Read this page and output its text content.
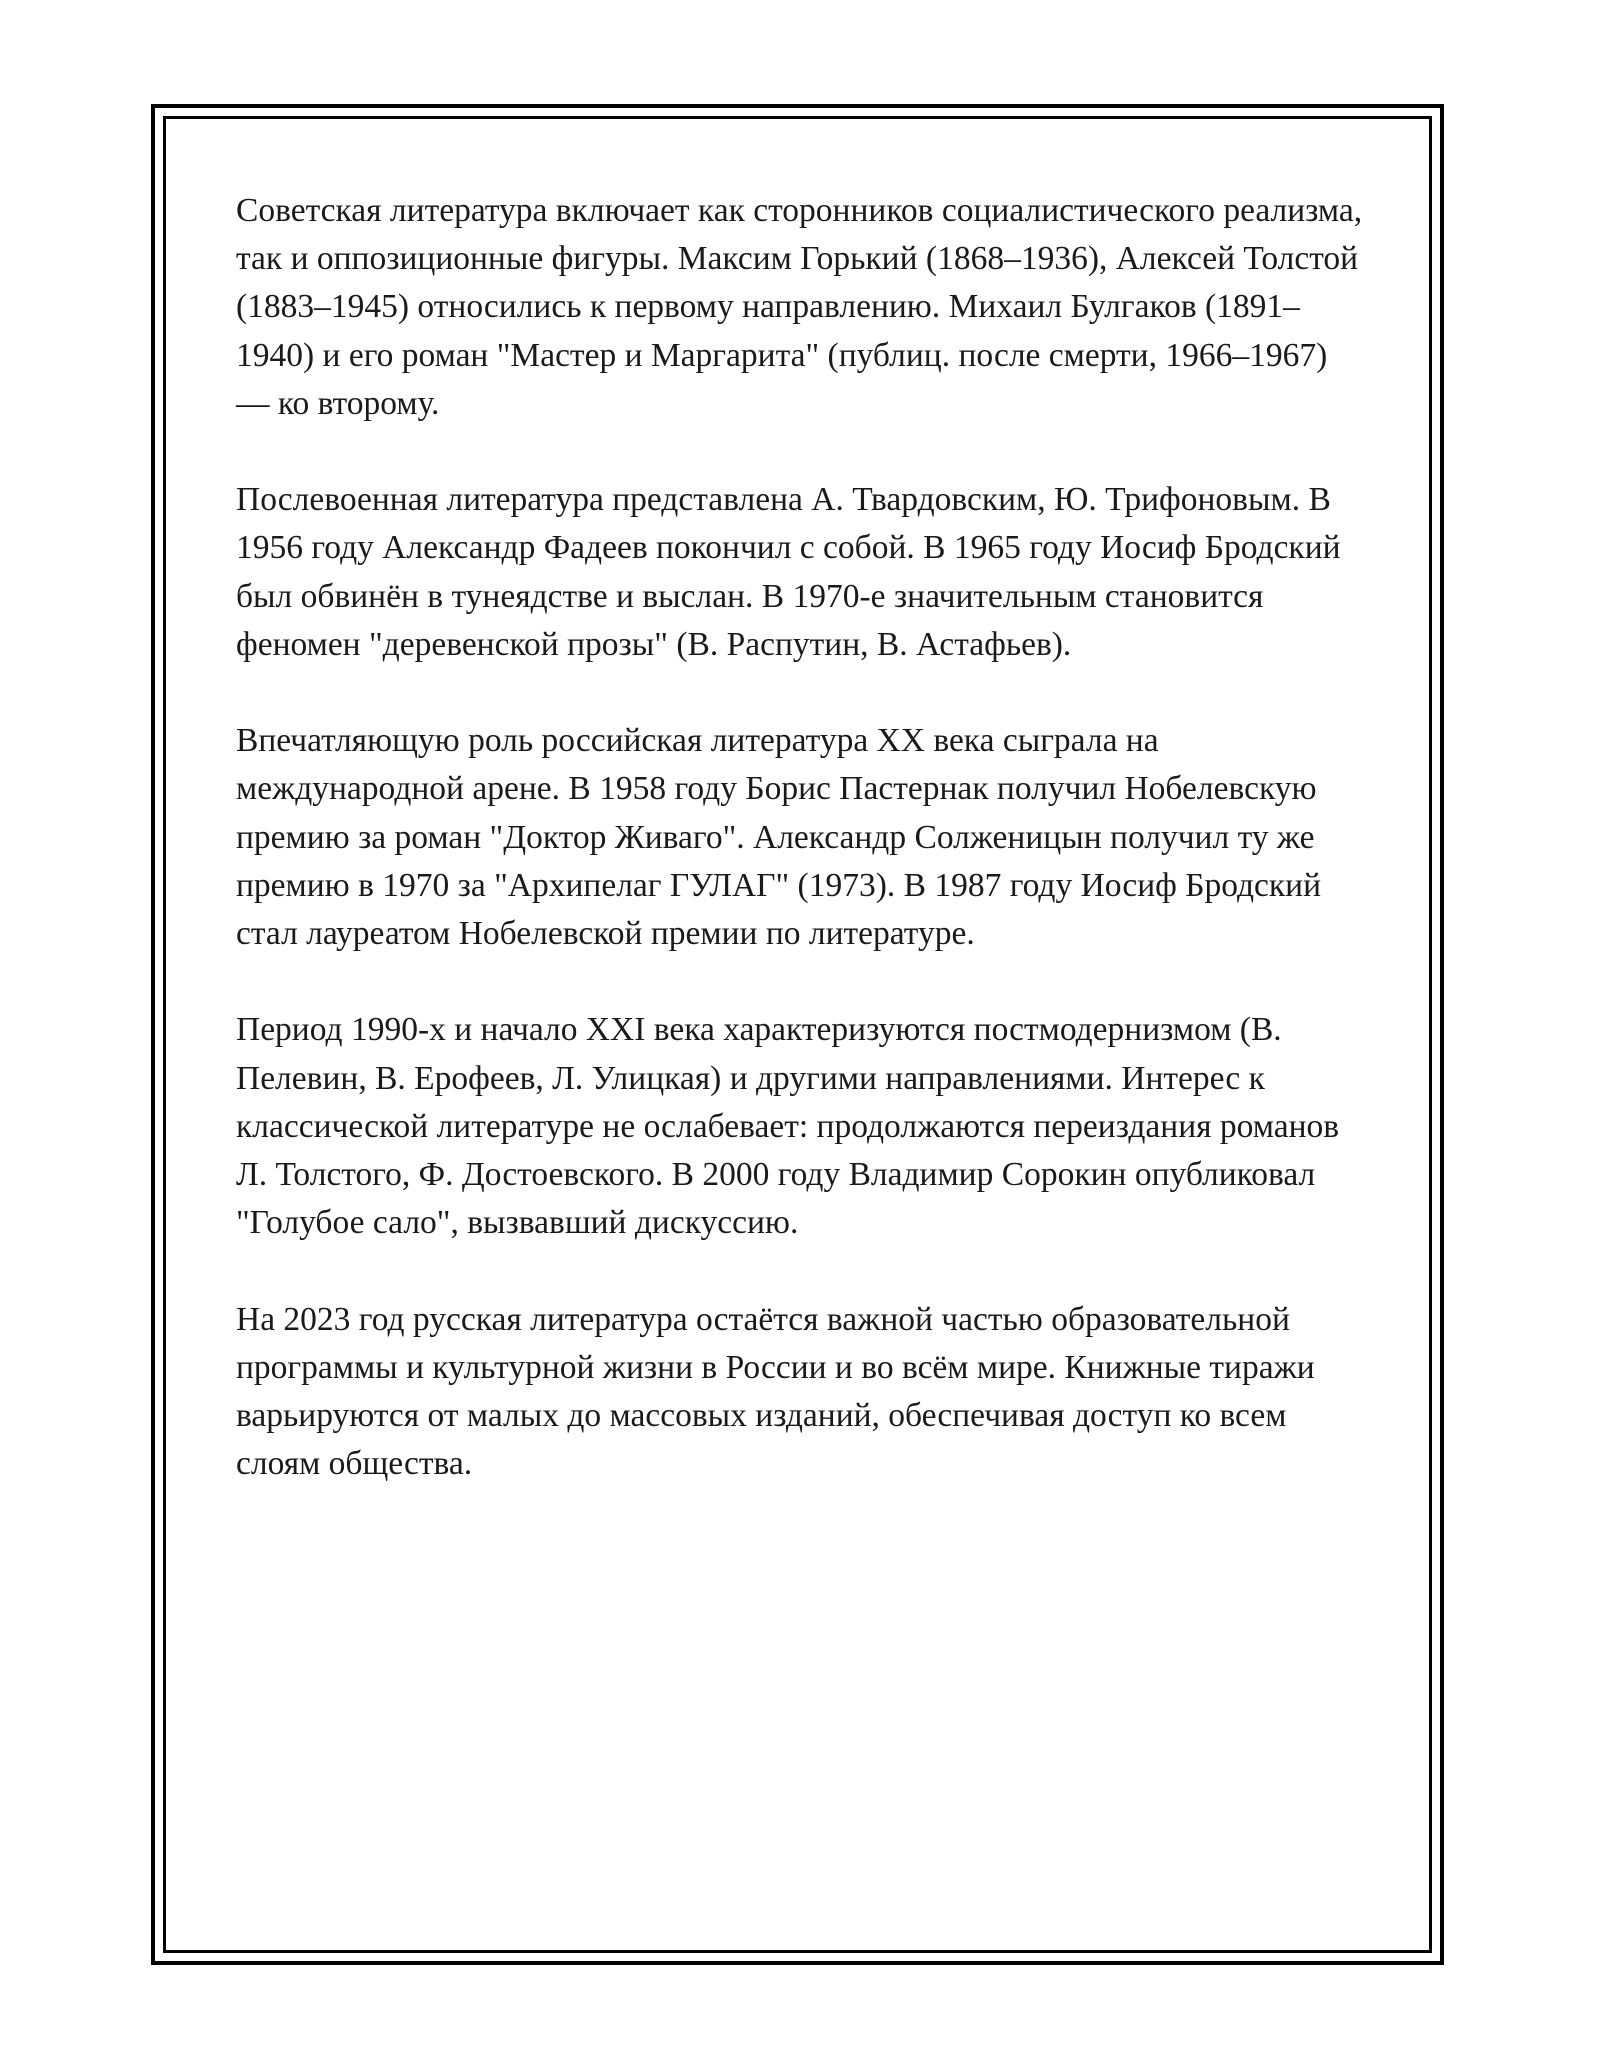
Советская литература включает как сторонников социалистического реализма, так и оппозиционные фигуры. Максим Горький (1868–1936), Алексей Толстой (1883–1945) относились к первому направлению. Михаил Булгаков (1891–1940) и его роман "Мастер и Маргарита" (публиц. после смерти, 1966–1967) — ко второму.

Послевоенная литература представлена А. Твардовским, Ю. Трифоновым. В 1956 году Александр Фадеев покончил с собой. В 1965 году Иосиф Бродский был обвинён в тунеядстве и выслан. В 1970-е значительным становится феномен "деревенской прозы" (В. Распутин, В. Астафьев).

Впечатляющую роль российская литература XX века сыграла на международной арене. В 1958 году Борис Пастернак получил Нобелевскую премию за роман "Доктор Живаго". Александр Солженицын получил ту же премию в 1970 за "Архипелаг ГУЛАГ" (1973). В 1987 году Иосиф Бродский стал лауреатом Нобелевской премии по литературе.

Период 1990-х и начало XXI века характеризуются постмодернизмом (В. Пелевин, В. Ерофеев, Л. Улицкая) и другими направлениями. Интерес к классической литературе не ослабевает: продолжаются переиздания романов Л. Толстого, Ф. Достоевского. В 2000 году Владимир Сорокин опубликовал "Голубое сало", вызвавший дискуссию.

На 2023 год русская литература остаётся важной частью образовательной программы и культурной жизни в России и во всём мире. Книжные тиражи варьируются от малых до массовых изданий, обеспечивая доступ ко всем слоям общества.
